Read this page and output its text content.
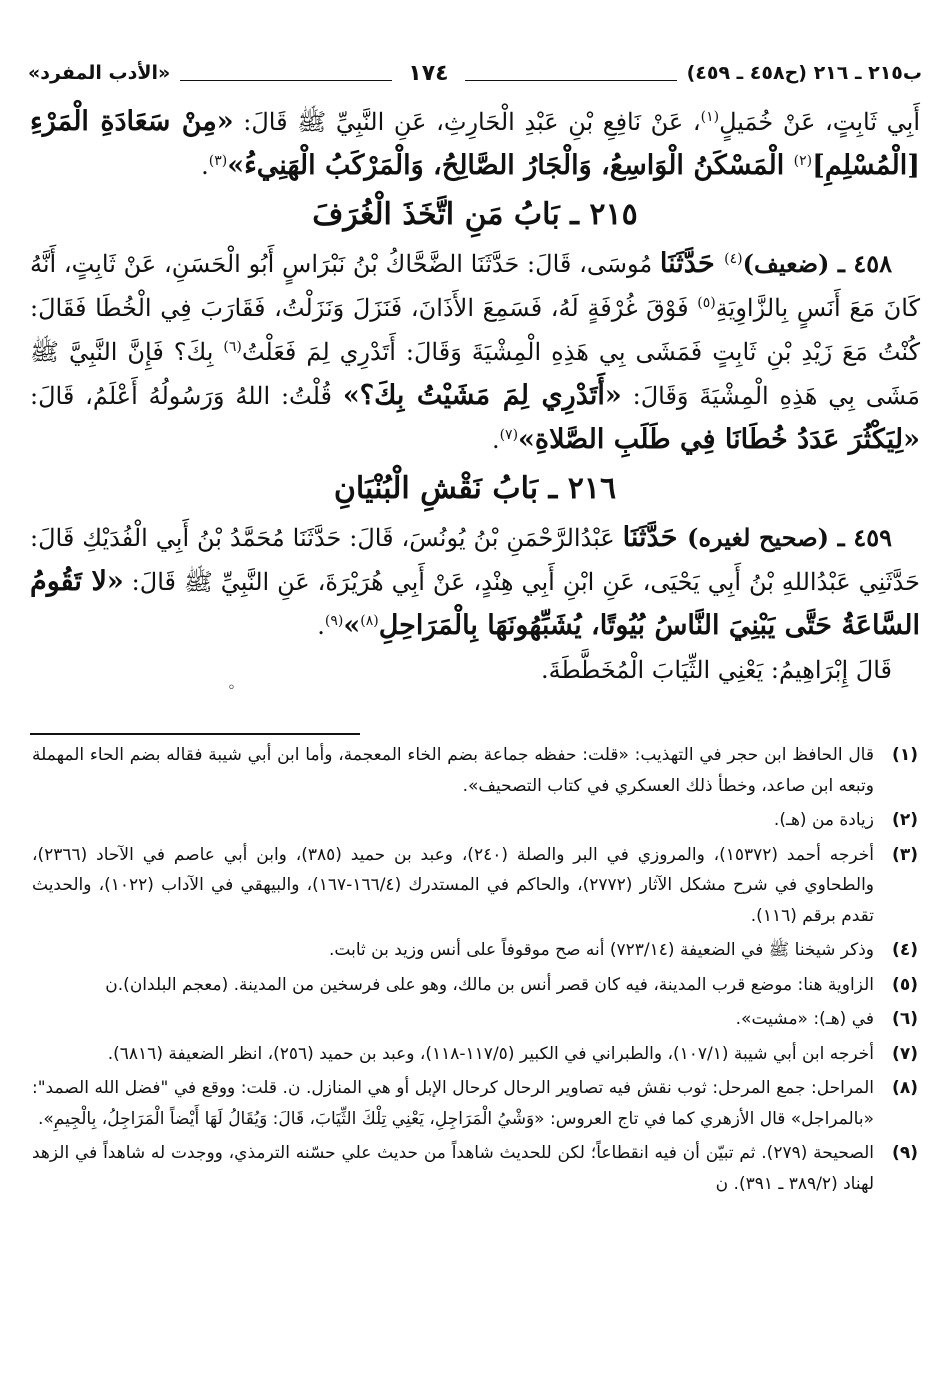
ب٢١٥ ـ ٢١٦ (ح٤٥٨ ـ ٤٥٩)
١٧٤
«الأدب المفرد»

أَبِي ثَابِتٍ، عَنْ خُمَيلٍ$^{(١)}$، عَنْ نَافِعِ بْنِ عَبْدِ الْحَارِثِ، عَنِ النَّبِيِّ ﷺ قَالَ: «مِنْ سَعَادَةِ الْمَرْءِ [الْمُسْلِمِ]$^{(٢)}$ الْمَسْكَنُ الْوَاسِعُ، وَالْجَارُ الصَّالِحُ، وَالْمَرْكَبُ الْهَنِيءُ»$^{(٣)}$.

٢١٥ ـ بَابُ مَنِ اتَّخَذَ الْغُرَفَ

٤٥٨ ـ (ضعيف)$^{(٤)}$ حَدَّثَنَا مُوسَى، قَالَ: حَدَّثَنَا الضَّحَّاكُ بْنُ نَبْرَاسٍ أَبُو الْحَسَنِ، عَنْ ثَابِتٍ، أَنَّهُ كَانَ مَعَ أَنَسٍ بِالزَّاوِيَةِ$^{(٥)}$ فَوْقَ غُرْفَةٍ لَهُ، فَسَمِعَ الأَذَانَ، فَنَزَلَ وَنَزَلْتُ، فَقَارَبَ فِي الْخُطَا فَقَالَ: كُنْتُ مَعَ زَيْدِ بْنِ ثَابِتٍ فَمَشَى بِي هَذِهِ الْمِشْيَةَ وَقَالَ: أَتَدْرِي لِمَ فَعَلْتُ$^{(٦)}$ بِكَ؟ فَإِنَّ النَّبِيَّ ﷺ مَشَى بِي هَذِهِ الْمِشْيَةَ وَقَالَ: «أَتَدْرِي لِمَ مَشَيْتُ بِكَ؟» قُلْتُ: اللهُ وَرَسُولُهُ أَعْلَمُ، قَالَ: «لِيَكْثُرَ عَدَدُ خُطَانَا فِي طَلَبِ الصَّلاةِ»$^{(٧)}$.

٢١٦ ـ بَابُ نَقْشِ الْبُنْيَانِ

٤٥٩ ـ (صحيح لغيره) حَدَّثَنَا عَبْدُالرَّحْمَنِ بْنُ يُونُسَ، قَالَ: حَدَّثَنَا مُحَمَّدُ بْنُ أَبِي الْفُدَيْكِ قَالَ: حَدَّثَنِي عَبْدُاللهِ بْنُ أَبِي يَحْيَى، عَنِ ابْنِ أَبِي هِنْدٍ، عَنْ أَبِي هُرَيْرَةَ، عَنِ النَّبِيِّ ﷺ قَالَ: «لا تَقُومُ السَّاعَةُ حَتَّى يَبْنِيَ النَّاسُ بُيُوتًا، يُشَبِّهُونَهَا بِالْمَرَاحِلِ$^{(٨)}$»$^{(٩)}$.

قَالَ إِبْرَاهِيمُ: يَعْنِي الثِّيَابَ الْمُخَطَّطَةَ.

⸰
(١)
قال الحافظ ابن حجر في التهذيب: «قلت: حفظه جماعة بضم الخاء المعجمة، وأما ابن أبي شيبة فقاله بضم الحاء المهملة وتبعه ابن صاعد، وخطأ ذلك العسكري في كتاب التصحيف».
(٢)
زيادة من (هـ).
(٣)
أخرجه أحمد (١٥٣٧٢)، والمروزي في البر والصلة (٢٤٠)، وعبد بن حميد (٣٨٥)، وابن أبي عاصم في الآحاد (٢٣٦٦)، والطحاوي في شرح مشكل الآثار (٢٧٧٢)، والحاكم في المستدرك (١٦٦/٤-١٦٧)، والبيهقي في الآداب (١٠٢٢)، والحديث تقدم برقم (١١٦).
(٤)
وذكر شيخنا ﷺ في الضعيفة (٧٢٣/١٤) أنه صح موقوفاً على أنس وزيد بن ثابت.
(٥)
الزاوية هنا: موضع قرب المدينة، فيه كان قصر أنس بن مالك، وهو على فرسخين من المدينة. (معجم البلدان).ن
(٦)
في (هـ): «مشيت».
(٧)
أخرجه ابن أبي شيبة (١٠٧/١)، والطبراني في الكبير (١١٧/٥-١١٨)، وعبد بن حميد (٢٥٦)، انظر الضعيفة (٦٨١٦).
(٨)
المراحل: جمع المرحل: ثوب نقش فيه تصاوير الرحال كرحال الإبل أو هي المنازل. ن. قلت: ووقع في "فضل الله الصمد": «بالمراجل» قال الأزهري كما في تاج العروس: «وَشْيُ الْمَرَاجِلِ، يَعْنِي تِلْكَ الثِّيَابَ، قَالَ: وَيُقَالُ لَهَا أَيْضاً الْمَرَاجِلُ، بِالْجِيمِ».
(٩)
الصحيحة (٢٧٩). ثم تبيّن أن فيه انقطاعاً؛ لكن للحديث شاهداً من حديث علي حسّنه الترمذي، ووجدت له شاهداً في الزهد لهناد (٣٨٩/٢ ـ ٣٩١). ن
